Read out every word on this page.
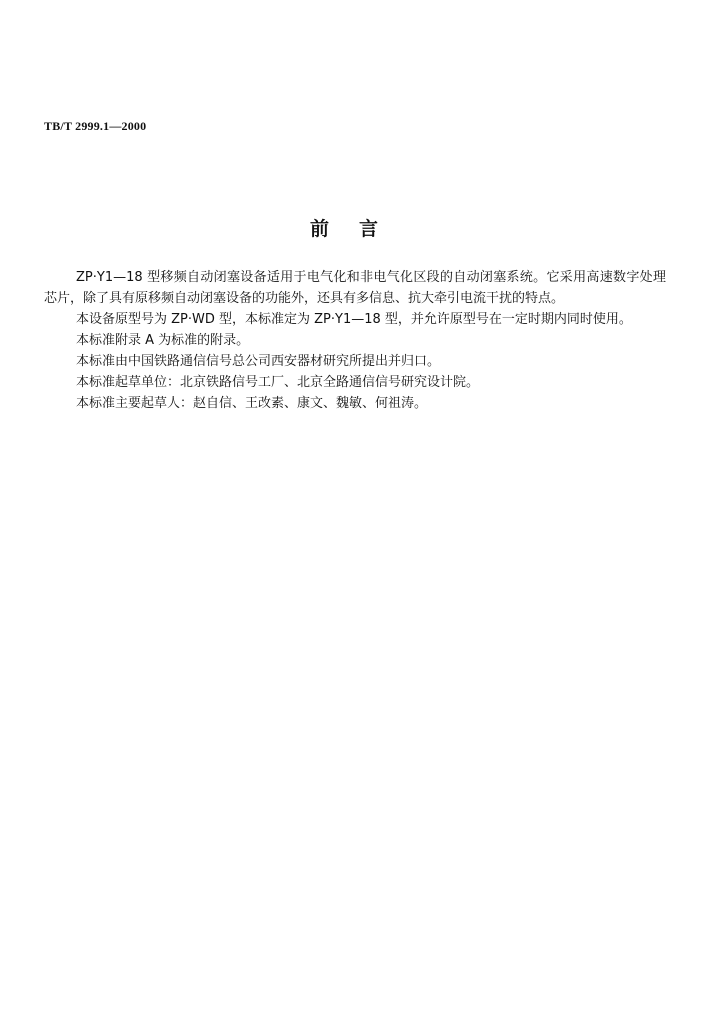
TB/T 2999.1—2000
前言

ZP·Y1—18 型移频自动闭塞设备适用于电气化和非电气化区段的自动闭塞系统。它采用高速数字处理芯片，除了具有原移频自动闭塞设备的功能外，还具有多信息、抗大牵引电流干扰的特点。

本设备原型号为 ZP·WD 型，本标准定为 ZP·Y1—18 型，并允许原型号在一定时期内同时使用。

本标准附录 A 为标准的附录。

本标准由中国铁路通信信号总公司西安器材研究所提出并归口。

本标准起草单位：北京铁路信号工厂、北京全路通信信号研究设计院。

本标准主要起草人：赵自信、王改素、康文、魏敏、何祖涛。
